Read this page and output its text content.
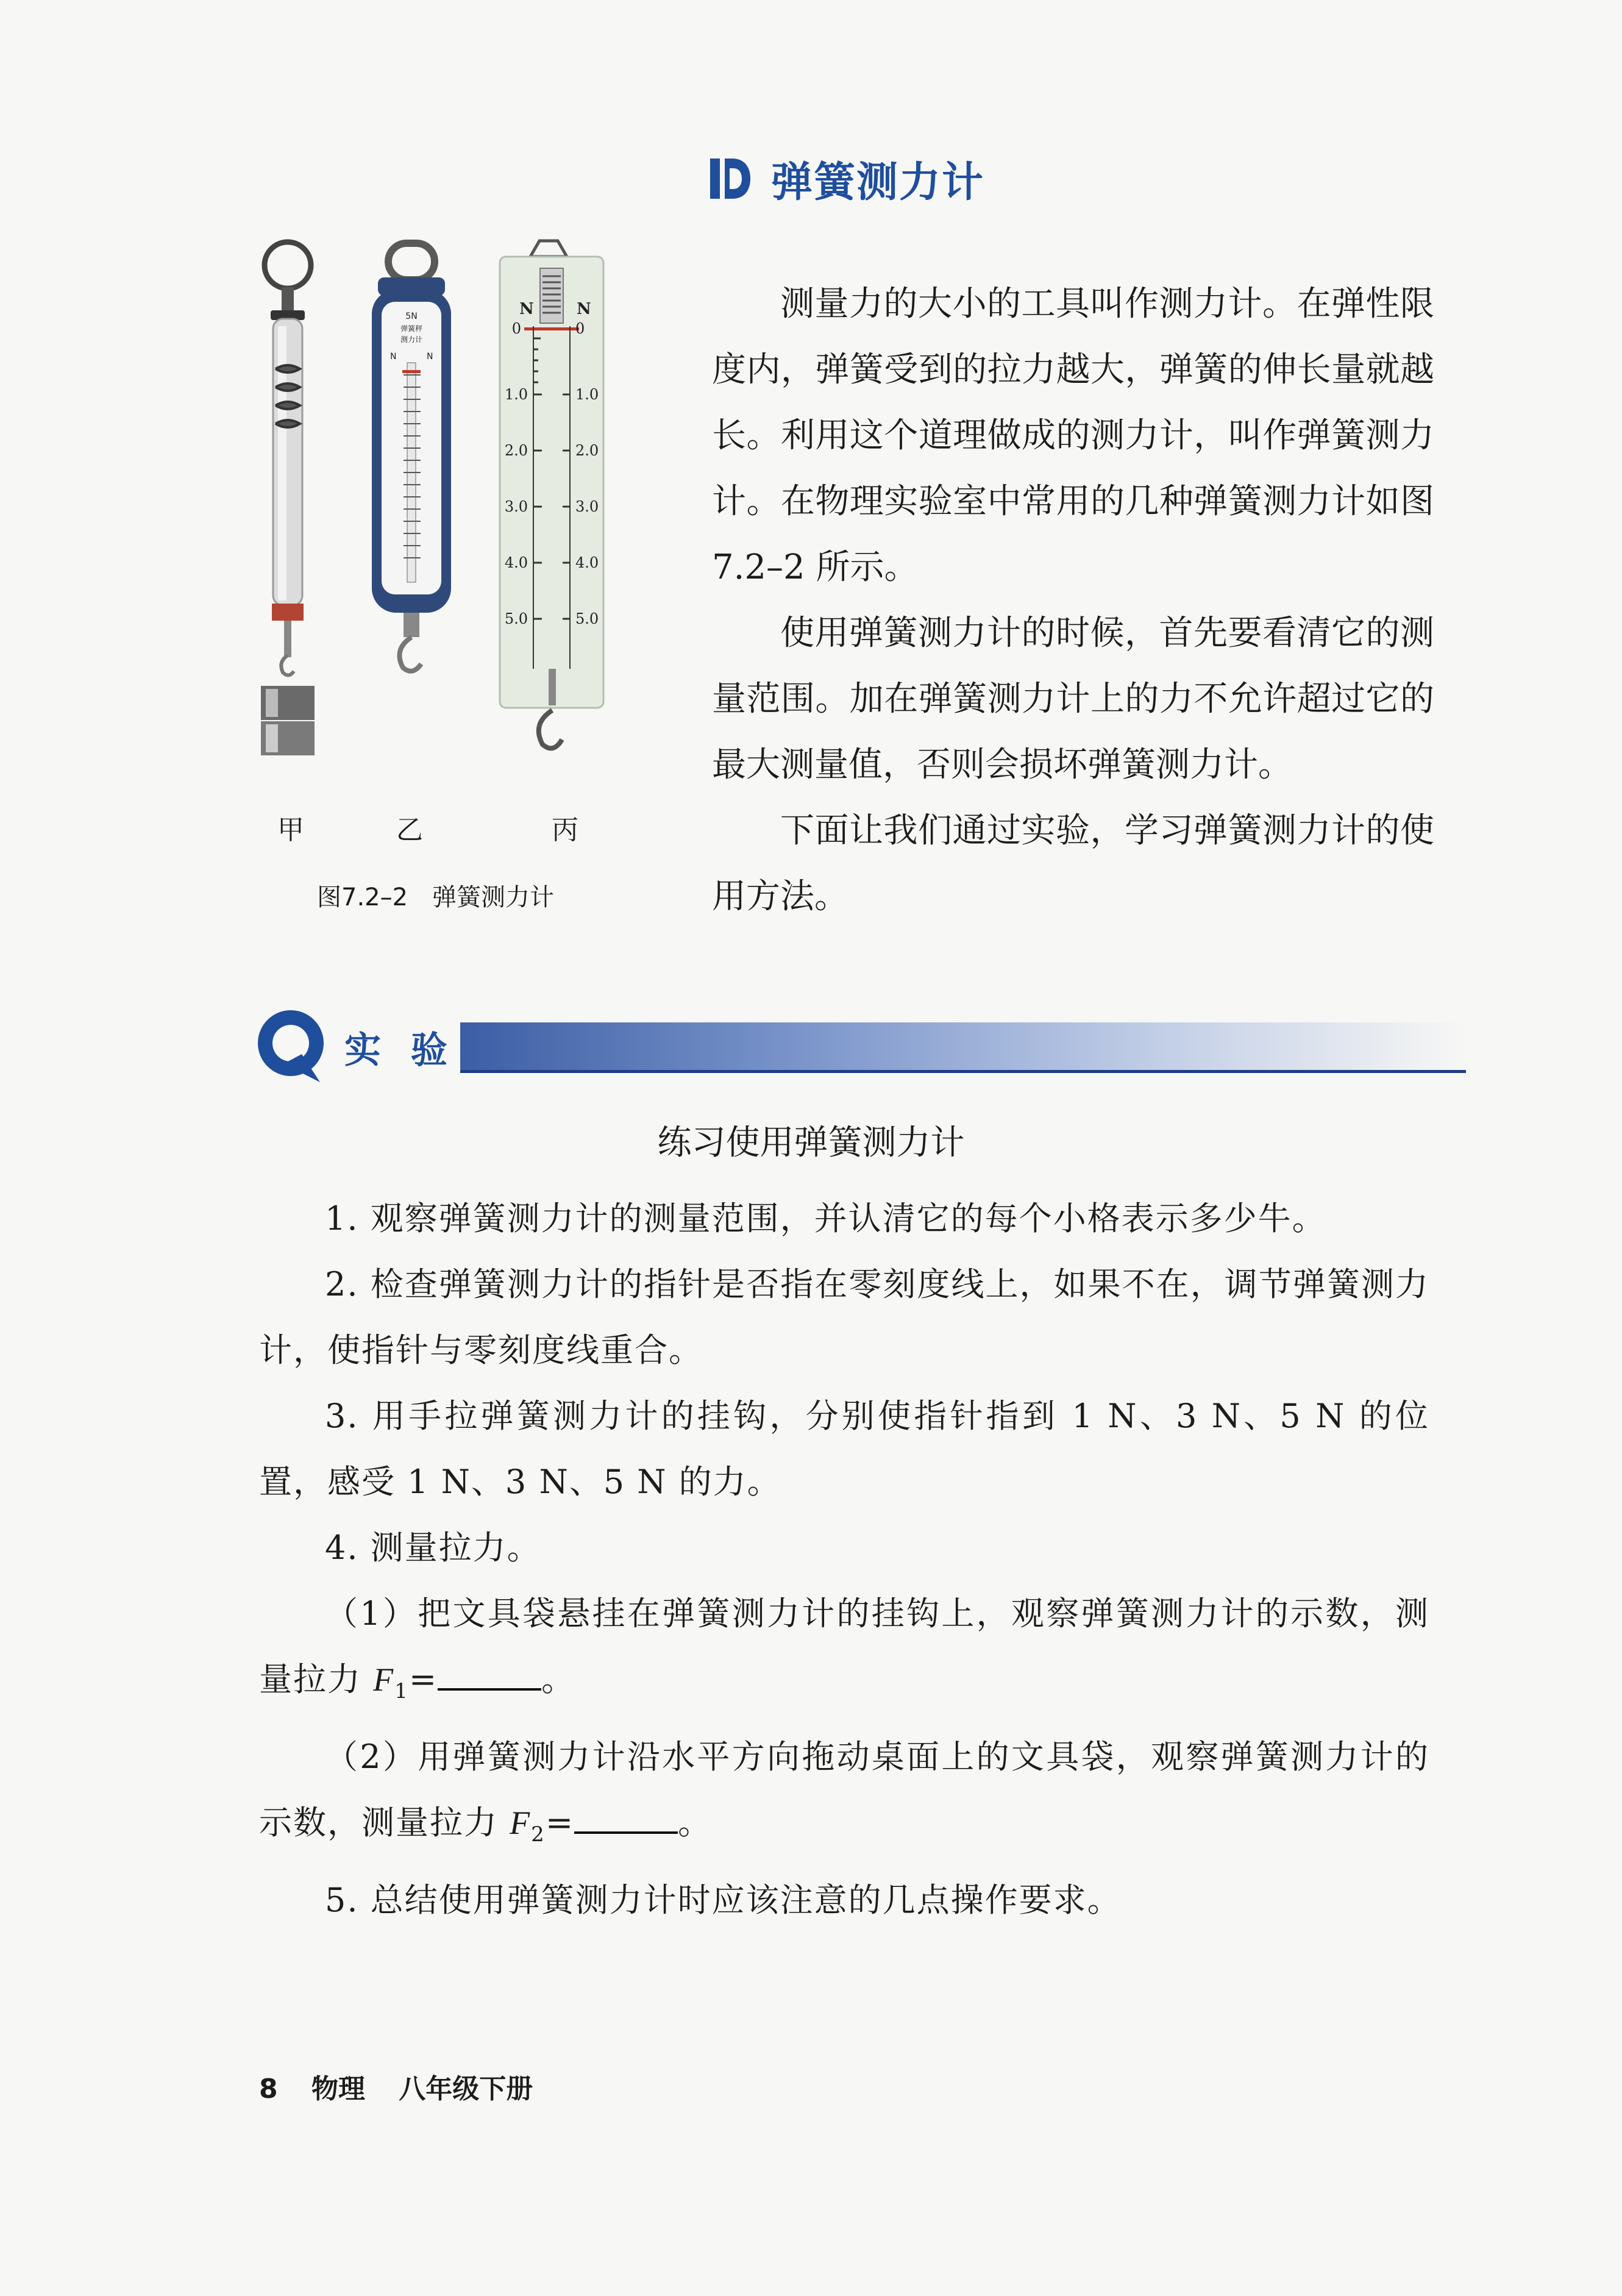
弹簧测力计
5N
弹簧秤
测力计
N	N
N	N
0	0
1.0	1.0
2.0	2.0
3.0	3.0
4.0	4.0
5.0	5.0
甲	乙	丙
图7.2–2　弹簧测力计

测量力的大小的工具叫作测力计。在弹性限度内，弹簧受到的拉力越大，弹簧的伸长量就越长。利用这个道理做成的测力计，叫作弹簧测力计。在物理实验室中常用的几种弹簧测力计如图 7.2–2 所示。

使用弹簧测力计的时候，首先要看清它的测量范围。加在弹簧测力计上的力不允许超过它的最大测量值，否则会损坏弹簧测力计。

下面让我们通过实验，学习弹簧测力计的使用方法。

实 验
练习使用弹簧测力计

1. 观察弹簧测力计的测量范围，并认清它的每个小格表示多少牛。

2. 检查弹簧测力计的指针是否指在零刻度线上，如果不在，调节弹簧测力计，使指针与零刻度线重合。

3. 用手拉弹簧测力计的挂钩，分别使指针指到 1 N、3 N、5 N 的位置，感受 1 N、3 N、5 N 的力。

4. 测量拉力。

（1）把文具袋悬挂在弹簧测力计的挂钩上，观察弹簧测力计的示数，测量拉力 $F_1=$	。

（2）用弹簧测力计沿水平方向拖动桌面上的文具袋，观察弹簧测力计的示数，测量拉力 $F_2=$	。

5. 总结使用弹簧测力计时应该注意的几点操作要求。

8 物理 八年级下册
